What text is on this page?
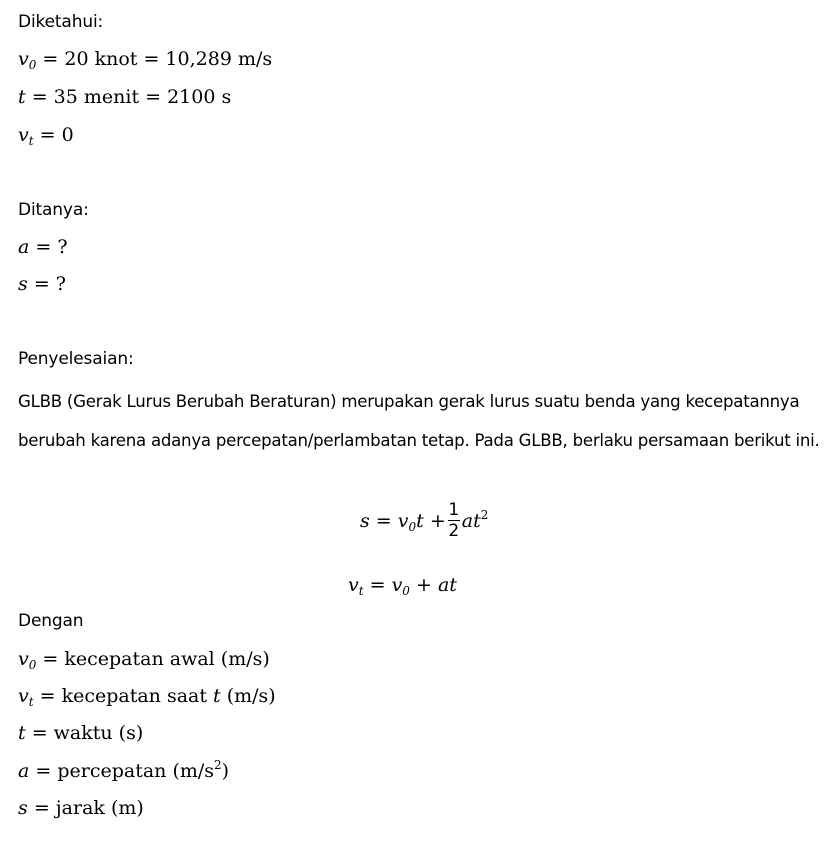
Diketahui:
$v_0 = 20$ knot = 10,289 m/s
t = 35 menit = 2100 s
$v_t = 0$
Ditanya:
a = ?
s = ?
Penyelesaian:
GLBB (Gerak Lurus Berubah Beraturan) merupakan gerak lurus suatu benda yang kecepatannya berubah karena adanya percepatan/perlambatan tetap. Pada GLBB, berlaku persamaan berikut ini.
$s = v_0t + \frac{1}{2} at^2$
$v_t = v_0$ + at
Dengan
$v_0$ = kecepatan awal (m/s)
$v_t$ = kecepatan saat t (m/s)
t = waktu (s)
a = percepatan $(m/s^2)$
s = jarak (m)
